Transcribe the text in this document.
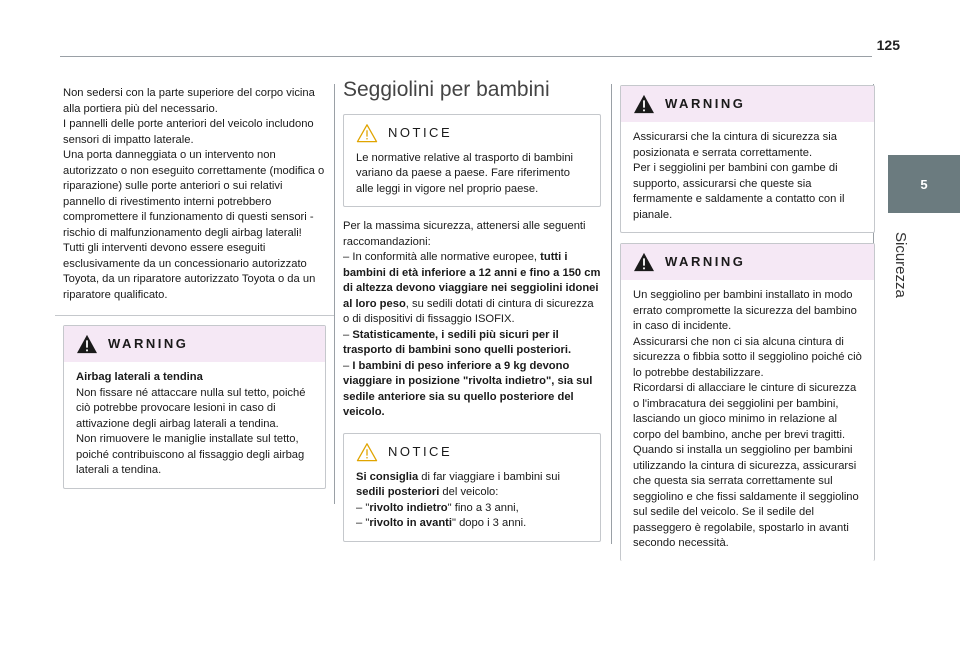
125
5
Sicurezza

Non sedersi con la parte superiore del corpo vicina alla portiera più del necessario.

I pannelli delle porte anteriori del veicolo includono sensori di impatto laterale.

Una porta danneggiata o un intervento non autorizzato o non eseguito correttamente (modifica o riparazione) sulle porte anteriori o sui relativi pannello di rivestimento interni potrebbero compromettere il funzionamento di questi sensori - rischio di malfunzionamento degli airbag laterali!

Tutti gli interventi devono essere eseguiti esclusivamente da un concessionario autorizzato Toyota, da un riparatore autorizzato Toyota o da un riparatore qualificato.

WARNING

Airbag laterali a tendina

Non fissare né attaccare nulla sul tetto, poiché ciò potrebbe provocare lesioni in caso di attivazione degli airbag laterali a tendina.

Non rimuovere le maniglie installate sul tetto, poiché contribuiscono al fissaggio degli airbag laterali a tendina.

Seggiolini per bambini
NOTICE

Le normative relative al trasporto di bambini variano da paese a paese. Fare riferimento alle leggi in vigore nel proprio paese.

Per la massima sicurezza, attenersi alle seguenti raccomandazioni:

– In conformità alle normative europee, tutti i bambini di età inferiore a 12 anni e fino a 150 cm di altezza devono viaggiare nei seggiolini idonei al loro peso, su sedili dotati di cintura di sicurezza o di dispositivi di fissaggio ISOFIX.

– Statisticamente, i sedili più sicuri per il trasporto di bambini sono quelli posteriori.

– I bambini di peso inferiore a 9 kg devono viaggiare in posizione "rivolta indietro", sia sul sedile anteriore sia su quello posteriore del veicolo.

NOTICE

Si consiglia di far viaggiare i bambini sui sedili posteriori del veicolo:

– "rivolto indietro" fino a 3 anni,

– "rivolto in avanti" dopo i 3 anni.

WARNING

Assicurarsi che la cintura di sicurezza sia posizionata e serrata correttamente.

Per i seggiolini per bambini con gambe di supporto, assicurarsi che queste sia fermamente e saldamente a contatto con il pianale.

WARNING

Un seggiolino per bambini installato in modo errato compromette la sicurezza del bambino in caso di incidente.

Assicurarsi che non ci sia alcuna cintura di sicurezza o fibbia sotto il seggiolino poiché ciò lo potrebbe destabilizzare.

Ricordarsi di allacciare le cinture di sicurezza o l'imbracatura dei seggiolini per bambini, lasciando un gioco minimo in relazione al corpo del bambino, anche per brevi tragitti.

Quando si installa un seggiolino per bambini utilizzando la cintura di sicurezza, assicurarsi che questa sia serrata correttamente sul seggiolino e che fissi saldamente il seggiolino sul sedile del veicolo. Se il sedile del passeggero è regolabile, spostarlo in avanti secondo necessità.
